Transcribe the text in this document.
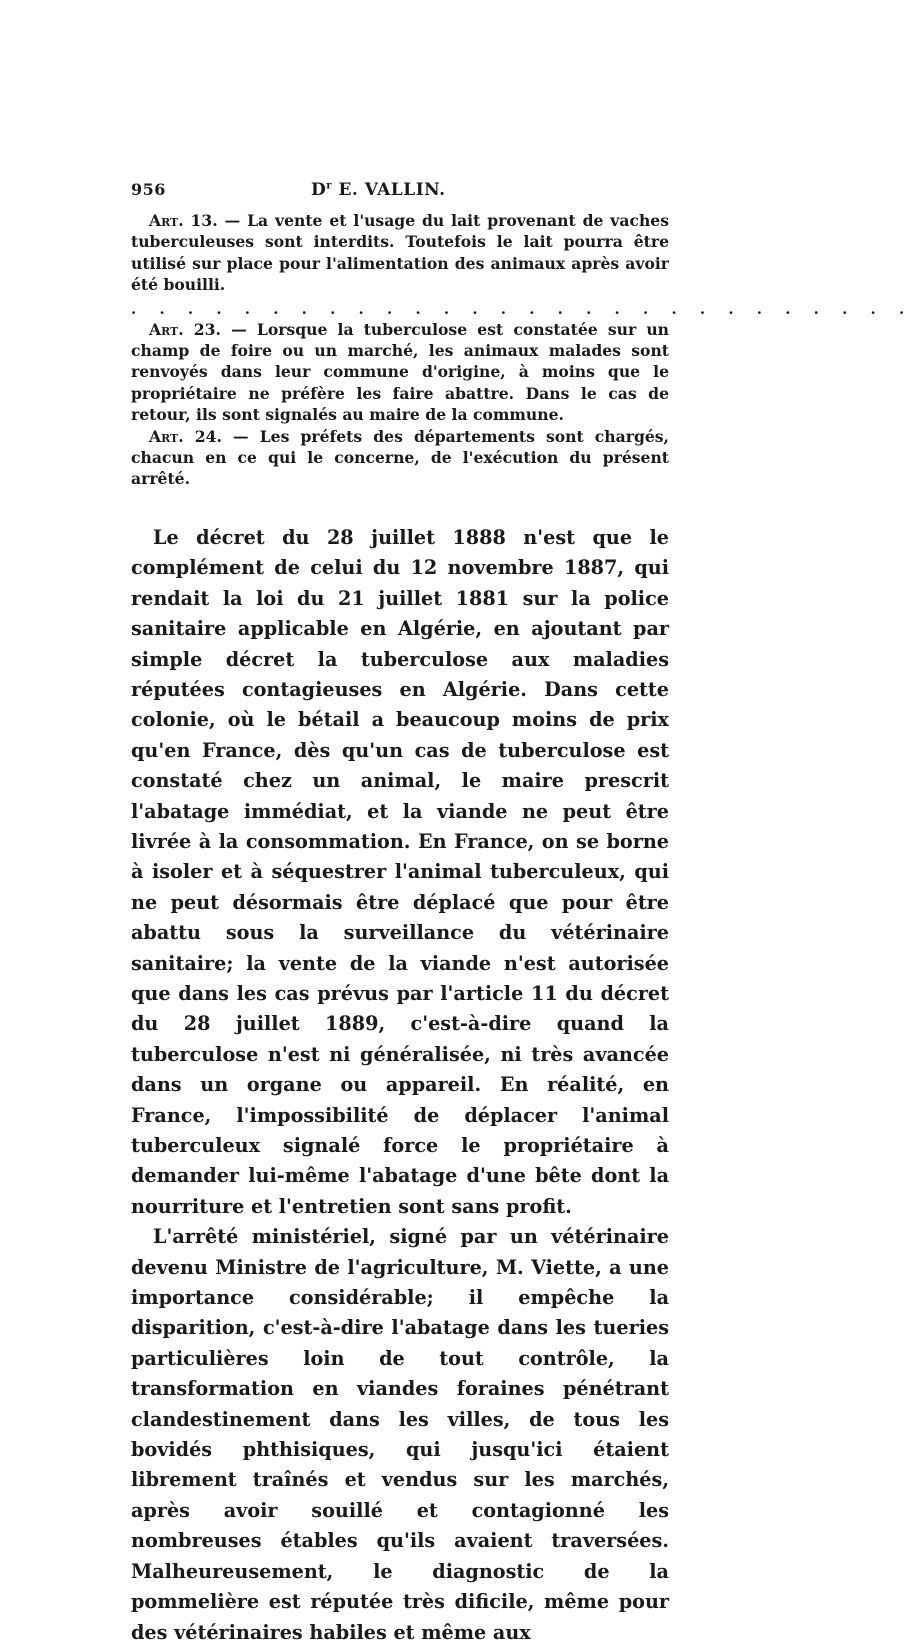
956	$D^r$ E. VALLIN.

Art. 13. — La vente et l'usage du lait provenant de vaches tuberculeuses sont interdits. Toutefois le lait pourra être utilisé sur place pour l'alimentation des animaux après avoir été bouilli.

. . . . . . . . . . . . . . . . . . . . . . . . . . . .

Art. 23. — Lorsque la tuberculose est constatée sur un champ de foire ou un marché, les animaux malades sont renvoyés dans leur commune d'origine, à moins que le propriétaire ne préfère les faire abattre. Dans le cas de retour, ils sont signalés au maire de la commune.

Art. 24. — Les préfets des départements sont chargés, chacun en ce qui le concerne, de l'exécution du présent arrêté.

Le décret du 28 juillet 1888 n'est que le complément de celui du 12 novembre 1887, qui rendait la loi du 21 juillet 1881 sur la police sanitaire applicable en Algérie, en ajoutant par simple décret la tuberculose aux maladies réputées contagieuses en Algérie. Dans cette colonie, où le bétail a beaucoup moins de prix qu'en France, dès qu'un cas de tuberculose est constaté chez un animal, le maire prescrit l'abatage immédiat, et la viande ne peut être livrée à la consommation. En France, on se borne à isoler et à séquestrer l'animal tuberculeux, qui ne peut désormais être déplacé que pour être abattu sous la surveillance du vétérinaire sanitaire; la vente de la viande n'est autorisée que dans les cas prévus par l'article 11 du décret du 28 juillet 1889, c'est-à-dire quand la tuberculose n'est ni généralisée, ni très avancée dans un organe ou appareil. En réalité, en France, l'impossibilité de déplacer l'animal tuberculeux signalé force le propriétaire à demander lui-même l'abatage d'une bête dont la nourriture et l'entretien sont sans profit.

L'arrêté ministériel, signé par un vétérinaire devenu Ministre de l'agriculture, M. Viette, a une importance considérable; il empêche la disparition, c'est-à-dire l'abatage dans les tueries particulières loin de tout contrôle, la transformation en viandes foraines pénétrant clandestinement dans les villes, de tous les bovidés phthisiques, qui jusqu'ici étaient librement traînés et vendus sur les marchés, après avoir souillé et contagionné les nombreuses étables qu'ils avaient traversées. Malheureusement, le diagnostic de la pommelière est réputée très dificile, même pour des vétérinaires habiles et même aux
